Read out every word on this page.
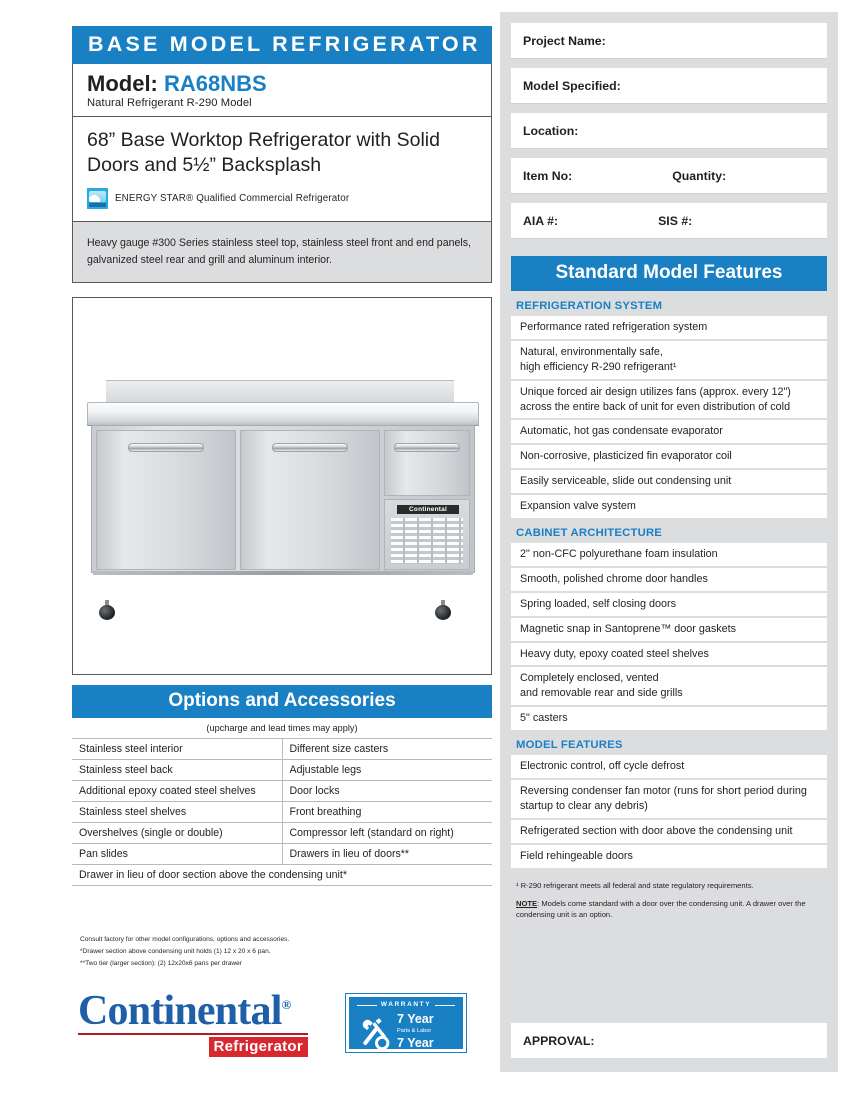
BASE MODEL REFRIGERATOR
Model: RA68NBS
Natural Refrigerant R-290 Model
68” Base Worktop Refrigerator with Solid Doors and 5½” Backsplash
ENERGY STAR® Qualified Commercial Refrigerator
Heavy gauge #300 Series stainless steel top, stainless steel front and end panels, galvanized steel rear and grill and aluminum interior.
Continental
Options and Accessories
(upcharge and lead times may apply)
Stainless steel interior	Different size casters
Stainless steel back	Adjustable legs
Additional epoxy coated steel shelves	Door locks
Stainless steel shelves	Front breathing
Overshelves (single or double)	Compressor left (standard on right)
Pan slides	Drawers in lieu of doors**
Drawer in lieu of door section above the condensing unit*	
Consult factory for other model configurations, options and accessories.
*Drawer section above condensing unit holds (1) 12 x 20 x 6 pan.
**Two tier (larger section): (2) 12x20x6 pans per drawer
Continental®
Refrigerator
WARRANTY
7 Year
Parts & Labor
7 Year
Compressor
Project Name:
Model Specified:
Location:
Item No:	Quantity:
AIA #:	SIS #:
Standard Model Features
REFRIGERATION SYSTEM
Performance rated refrigeration system
Natural, environmentally safe,
high efficiency R-290 refrigerant¹
Unique forced air design utilizes fans (approx. every 12")
across the entire back of unit for even distribution of cold
Automatic, hot gas condensate evaporator
Non-corrosive, plasticized fin evaporator coil
Easily serviceable, slide out condensing unit
Expansion valve system
CABINET ARCHITECTURE
2" non-CFC polyurethane foam insulation
Smooth, polished chrome door handles
Spring loaded, self closing doors
Magnetic snap in Santoprene™ door gaskets
Heavy duty, epoxy coated steel shelves
Completely enclosed, vented
and removable rear and side grills
5" casters
MODEL FEATURES
Electronic control, off cycle defrost
Reversing condenser fan motor (runs for short period during startup to clear any debris)
Refrigerated section with door above the condensing unit
Field rehingeable doors

¹ R-290 refrigerant meets all federal and state regulatory requirements.

NOTE: Models come standard with a door over the condensing unit. A drawer over the condensing unit is an option.

APPROVAL:
